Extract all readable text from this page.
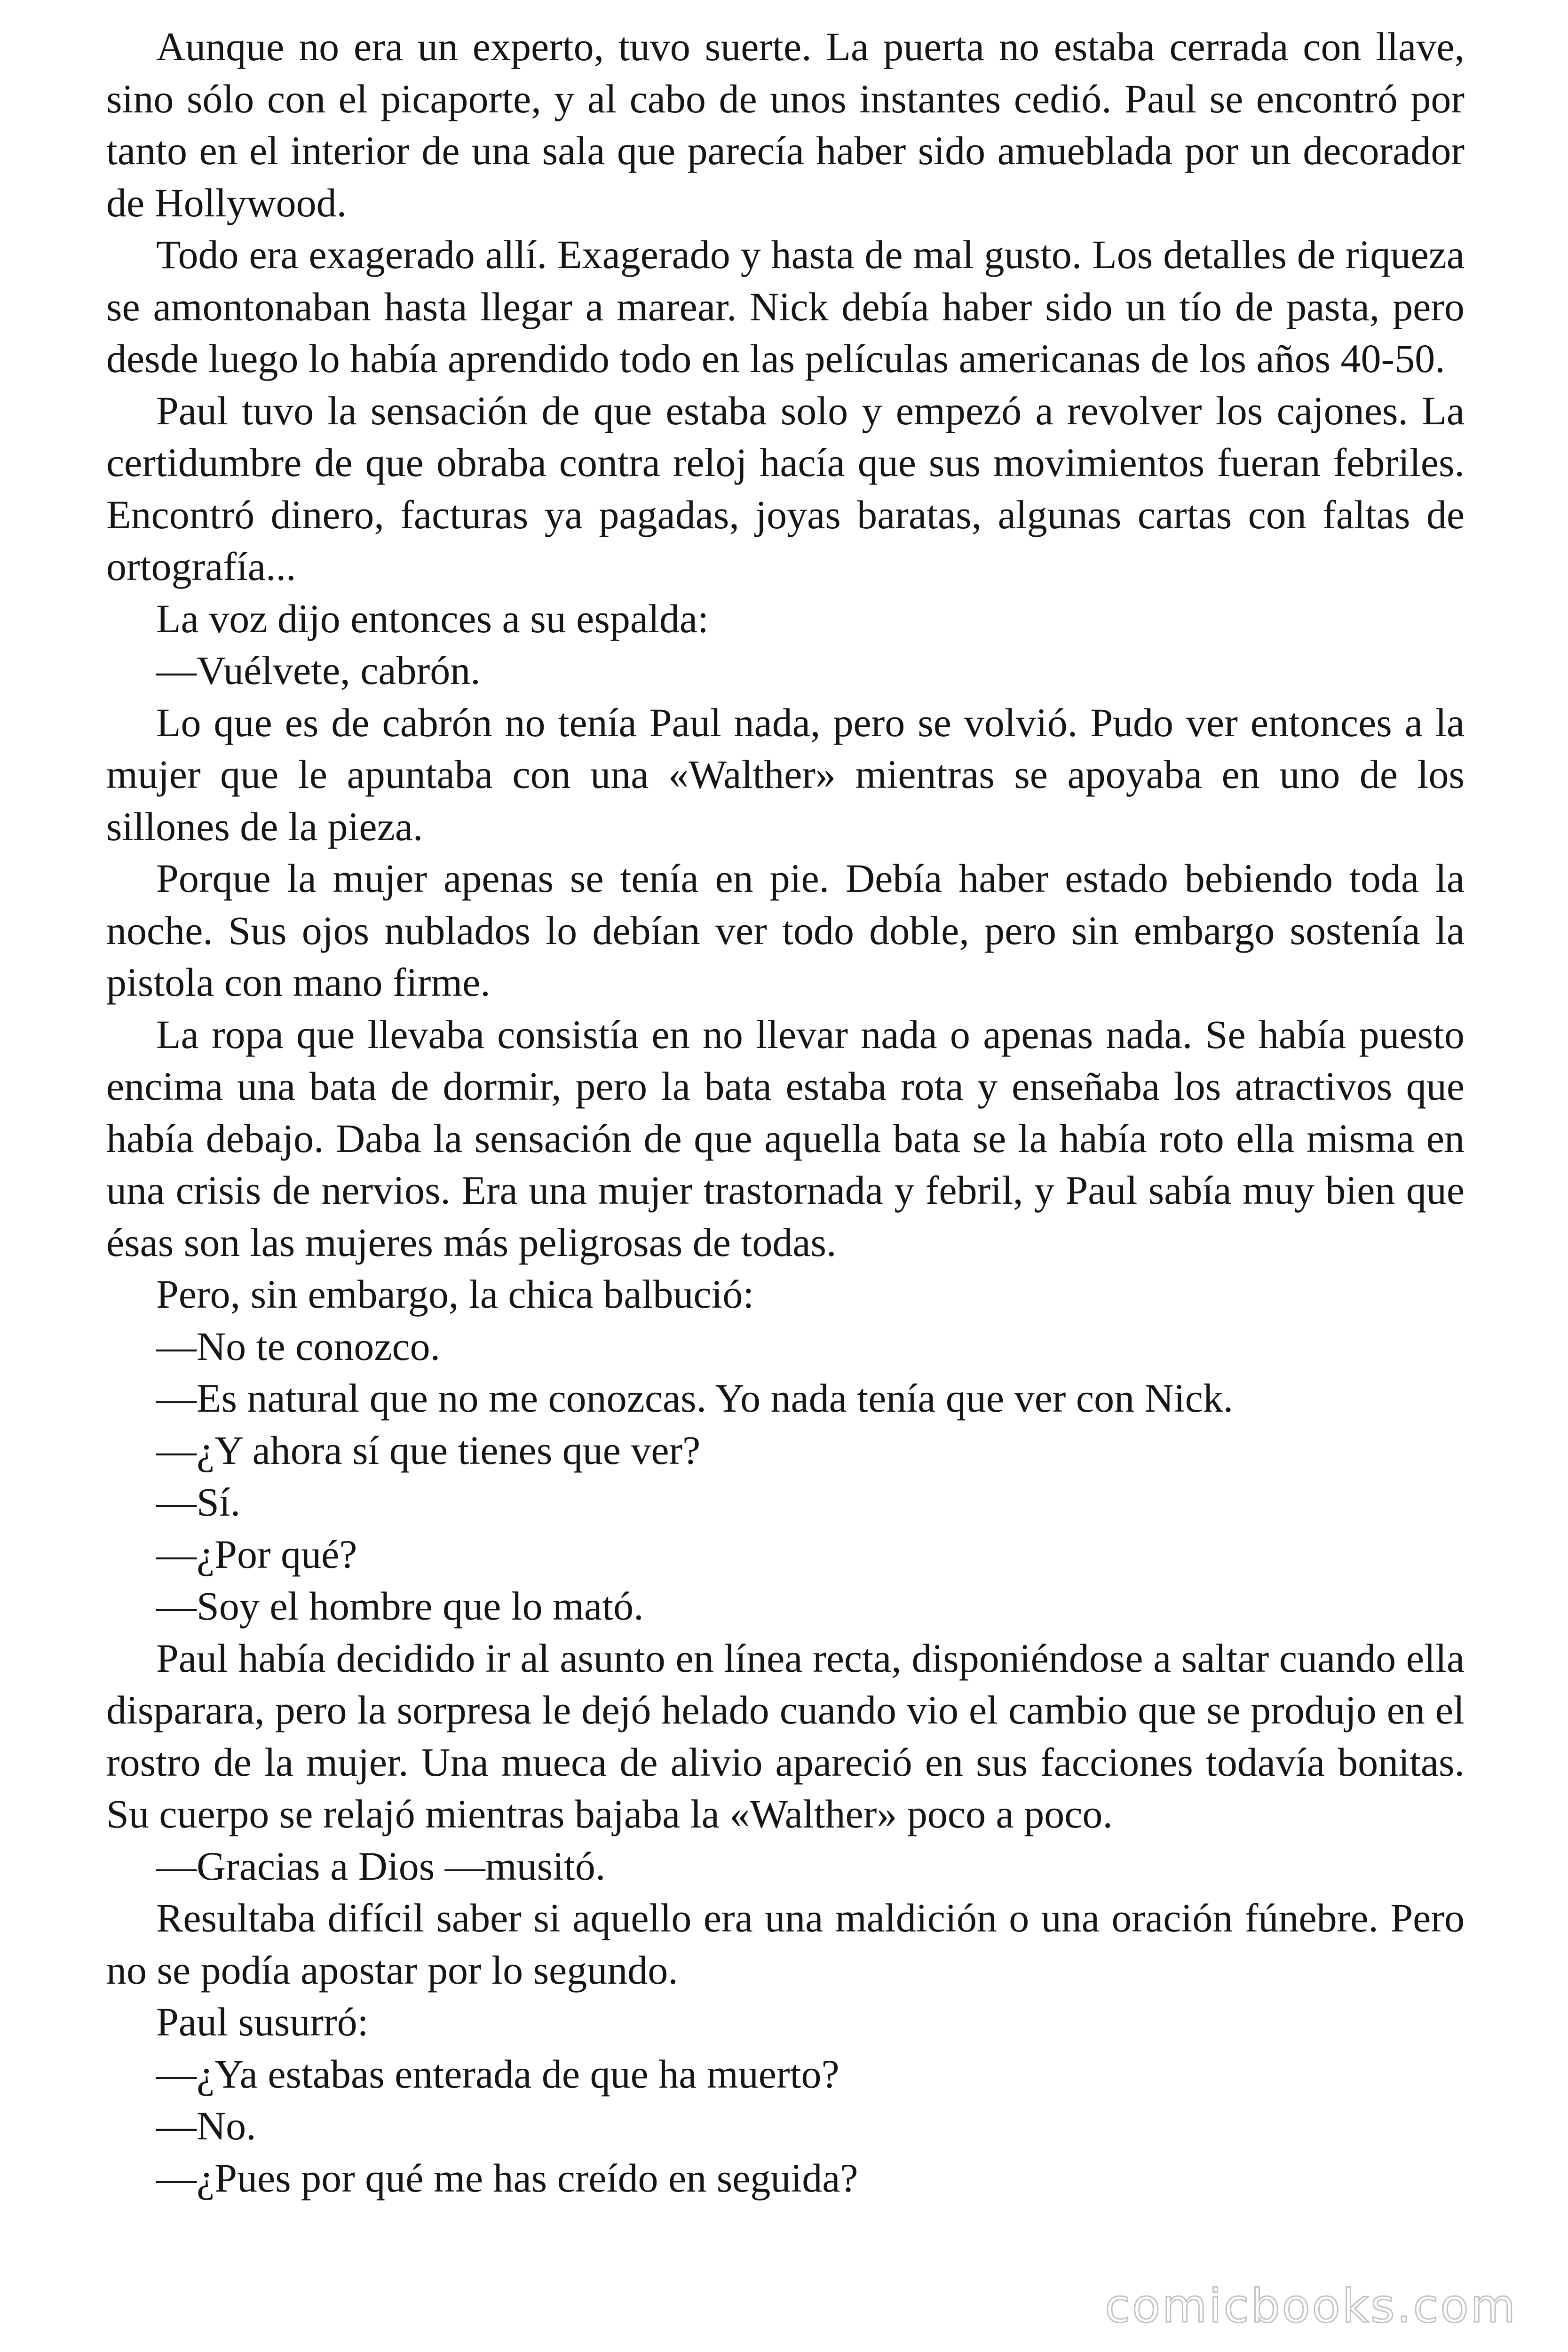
Aunque no era un experto, tuvo suerte. La puerta no estaba cerrada con llave, sino sólo con el picaporte, y al cabo de unos instantes cedió. Paul se encontró por tanto en el interior de una sala que parecía haber sido amueblada por un decorador de Hollywood.

Todo era exagerado allí. Exagerado y hasta de mal gusto. Los detalles de riqueza se amontonaban hasta llegar a marear. Nick debía haber sido un tío de pasta, pero desde luego lo había aprendido todo en las películas americanas de los años 40-50.

Paul tuvo la sensación de que estaba solo y empezó a revolver los cajones. La certidumbre de que obraba contra reloj hacía que sus movimientos fueran febriles. Encontró dinero, facturas ya pagadas, joyas baratas, algunas cartas con faltas de ortografía...

La voz dijo entonces a su espalda:

—Vuélvete, cabrón.

Lo que es de cabrón no tenía Paul nada, pero se volvió. Pudo ver entonces a la mujer que le apuntaba con una «Walther» mientras se apoyaba en uno de los sillones de la pieza.

Porque la mujer apenas se tenía en pie. Debía haber estado bebiendo toda la noche. Sus ojos nublados lo debían ver todo doble, pero sin embargo sostenía la pistola con mano firme.

La ropa que llevaba consistía en no llevar nada o apenas nada. Se había puesto encima una bata de dormir, pero la bata estaba rota y enseñaba los atractivos que había debajo. Daba la sensación de que aquella bata se la había roto ella misma en una crisis de nervios. Era una mujer trastornada y febril, y Paul sabía muy bien que ésas son las mujeres más peligrosas de todas.

Pero, sin embargo, la chica balbució:

—No te conozco.

—Es natural que no me conozcas. Yo nada tenía que ver con Nick.

—¿Y ahora sí que tienes que ver?

—Sí.

—¿Por qué?

—Soy el hombre que lo mató.

Paul había decidido ir al asunto en línea recta, disponiéndose a saltar cuando ella disparara, pero la sorpresa le dejó helado cuando vio el cambio que se produjo en el rostro de la mujer. Una mueca de alivio apareció en sus facciones todavía bonitas. Su cuerpo se relajó mientras bajaba la «Walther» poco a poco.

—Gracias a Dios —musitó.

Resultaba difícil saber si aquello era una maldición o una oración fúnebre. Pero no se podía apostar por lo segundo.

Paul susurró:

—¿Ya estabas enterada de que ha muerto?

—No.

—¿Pues por qué me has creído en seguida?

comicbooks.com
